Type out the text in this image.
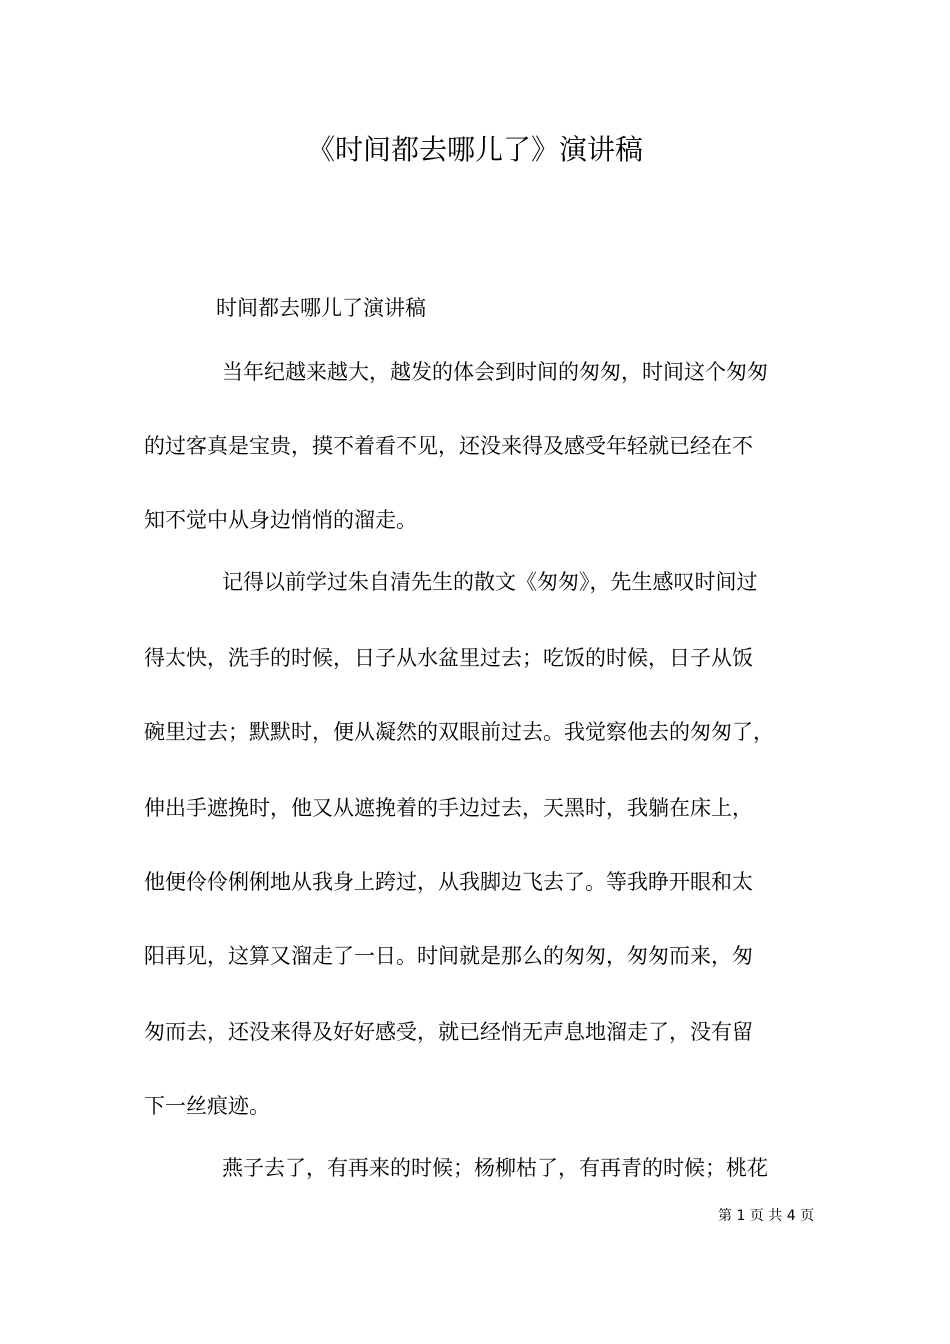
《时间都去哪儿了》演讲稿

时间都去哪儿了演讲稿

当年纪越来越大，越发的体会到时间的匆匆，时间这个匆匆

的过客真是宝贵，摸不着看不见，还没来得及感受年轻就已经在不

知不觉中从身边悄悄的溜走。

记得以前学过朱自清先生的散文《匆匆》，先生感叹时间过

得太快，洗手的时候，日子从水盆里过去；吃饭的时候，日子从饭

碗里过去；默默时，便从凝然的双眼前过去。我觉察他去的匆匆了，

伸出手遮挽时，他又从遮挽着的手边过去，天黑时，我躺在床上，

他便伶伶俐俐地从我身上跨过，从我脚边飞去了。等我睁开眼和太

阳再见，这算又溜走了一日。时间就是那么的匆匆，匆匆而来，匆

匆而去，还没来得及好好感受，就已经悄无声息地溜走了，没有留

下一丝痕迹。

燕子去了，有再来的时候；杨柳枯了，有再青的时候；桃花

第 1 页 共 4 页
